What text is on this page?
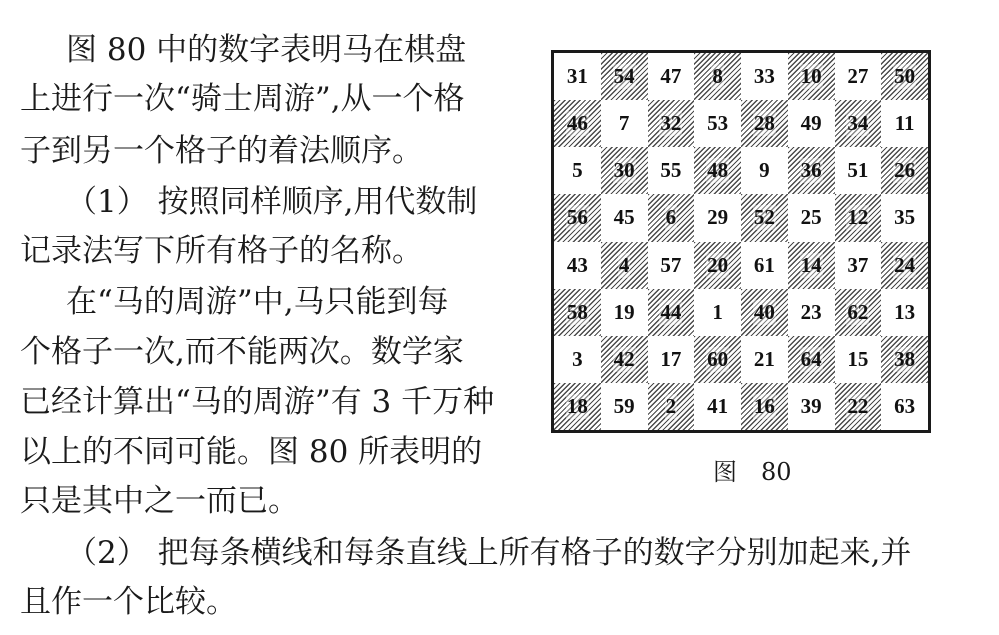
图 80 中的数字表明马在棋盘
上进行一次“骑士周游”,从一个格
子到另一个格子的着法顺序。
（1） 按照同样顺序,用代数制
记录法写下所有格子的名称。
在“马的周游”中,马只能到每
个格子一次,而不能两次。数学家
已经计算出“马的周游”有 3 千万种
以上的不同可能。图 80 所表明的
只是其中之一而已。
（2） 把每条横线和每条直线上所有格子的数字分别加起来,并
且作一个比较。
31 54 47 8 33 10 27 50
46 7 32 53 28 49 34 11
5 30 55 48 9 36 51 26
56 45 6 29 52 25 12 35
43 4 57 20 61 14 37 24
58 19 44 1 40 23 62 13
3 42 17 60 21 64 15 38
18 59 2 41 16 39 22 63
图　80
